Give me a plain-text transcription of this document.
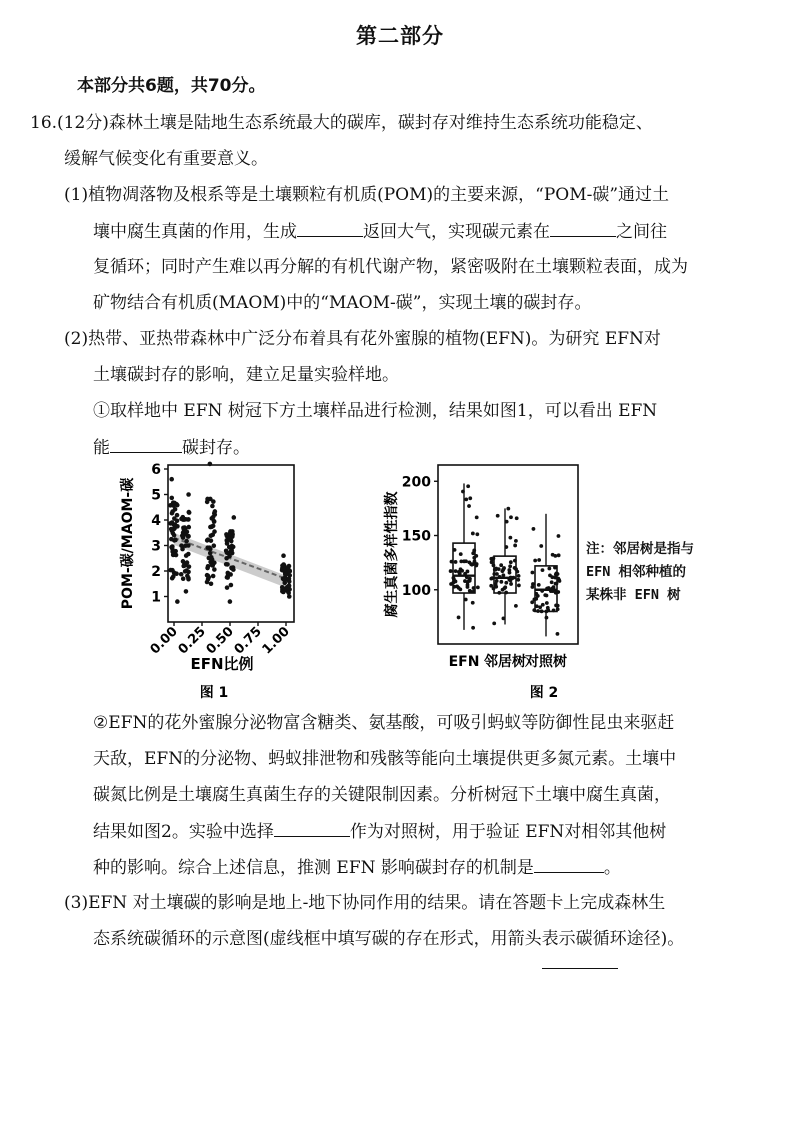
第二部分
本部分共6题，共70分。
16.(12分)森林土壤是陆地生态系统最大的碳库，碳封存对维持生态系统功能稳定、
缓解气候变化有重要意义。
(1)植物凋落物及根系等是土壤颗粒有机质(POM)的主要来源，“POM-碳”通过土
壤中腐生真菌的作用，生成	返回大气，实现碳元素在	之间往
复循环；同时产生难以再分解的有机代谢产物，紧密吸附在土壤颗粒表面，成为
矿物结合有机质(MAOM)中的“MAOM-碳”，实现土壤的碳封存。
(2)热带、亚热带森林中广泛分布着具有花外蜜腺的植物(EFN)。为研究 EFN对
土壤碳封存的影响，建立足量实验样地。
①取样地中 EFN 树冠下方土壤样品进行检测，结果如图1，可以看出 EFN
能	碳封存。
1
2
3
4
5
6
0.00
0.25
0.50
0.75
1.00
POM-碳/MAOM-碳
EFN比例
图 1
100
150
200
EFN 邻居树 对照树
腐生真菌多样性指数
图 2
注：邻居树是指与
EFN 相邻种植的
某株非 EFN 树
②EFN的花外蜜腺分泌物富含糖类、氨基酸，可吸引蚂蚁等防御性昆虫来驱赶
天敌，EFN的分泌物、蚂蚁排泄物和残骸等能向土壤提供更多氮元素。土壤中
碳氮比例是土壤腐生真菌生存的关键限制因素。分析树冠下土壤中腐生真菌，
结果如图2。实验中选择	作为对照树，用于验证 EFN对相邻其他树
种的影响。综合上述信息，推测 EFN 影响碳封存的机制是	。
(3)EFN 对土壤碳的影响是地上-地下协同作用的结果。请在答题卡上完成森林生
态系统碳循环的示意图(虚线框中填写碳的存在形式，用箭头表示碳循环途径)。
